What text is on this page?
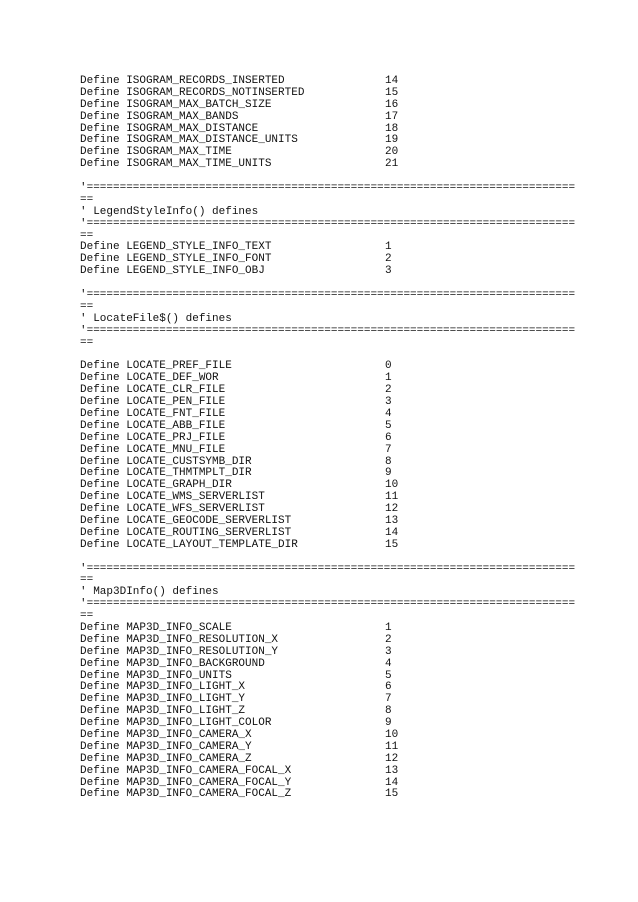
Define ISOGRAM_RECORDS_INSERTED	14
Define ISOGRAM_RECORDS_NOTINSERTED	15
Define ISOGRAM_MAX_BATCH_SIZE	16
Define ISOGRAM_MAX_BANDS	17
Define ISOGRAM_MAX_DISTANCE	18
Define ISOGRAM_MAX_DISTANCE_UNITS	19
Define ISOGRAM_MAX_TIME	20
Define ISOGRAM_MAX_TIME_UNITS	21
'==========================================================================
==
' LegendStyleInfo() defines
'==========================================================================
==
Define LEGEND_STYLE_INFO_TEXT	1
Define LEGEND_STYLE_INFO_FONT	2
Define LEGEND_STYLE_INFO_OBJ	3
'==========================================================================
==
' LocateFile$() defines
'==========================================================================
==
Define LOCATE_PREF_FILE	0
Define LOCATE_DEF_WOR	1
Define LOCATE_CLR_FILE	2
Define LOCATE_PEN_FILE	3
Define LOCATE_FNT_FILE	4
Define LOCATE_ABB_FILE	5
Define LOCATE_PRJ_FILE	6
Define LOCATE_MNU_FILE	7
Define LOCATE_CUSTSYMB_DIR	8
Define LOCATE_THMTMPLT_DIR	9
Define LOCATE_GRAPH_DIR	10
Define LOCATE_WMS_SERVERLIST	11
Define LOCATE_WFS_SERVERLIST	12
Define LOCATE_GEOCODE_SERVERLIST	13
Define LOCATE_ROUTING_SERVERLIST	14
Define LOCATE_LAYOUT_TEMPLATE_DIR	15
'==========================================================================
==
' Map3DInfo() defines
'==========================================================================
==
Define MAP3D_INFO_SCALE	1
Define MAP3D_INFO_RESOLUTION_X	2
Define MAP3D_INFO_RESOLUTION_Y	3
Define MAP3D_INFO_BACKGROUND	4
Define MAP3D_INFO_UNITS	5
Define MAP3D_INFO_LIGHT_X	6
Define MAP3D_INFO_LIGHT_Y	7
Define MAP3D_INFO_LIGHT_Z	8
Define MAP3D_INFO_LIGHT_COLOR	9
Define MAP3D_INFO_CAMERA_X	10
Define MAP3D_INFO_CAMERA_Y	11
Define MAP3D_INFO_CAMERA_Z	12
Define MAP3D_INFO_CAMERA_FOCAL_X	13
Define MAP3D_INFO_CAMERA_FOCAL_Y	14
Define MAP3D_INFO_CAMERA_FOCAL_Z	15
